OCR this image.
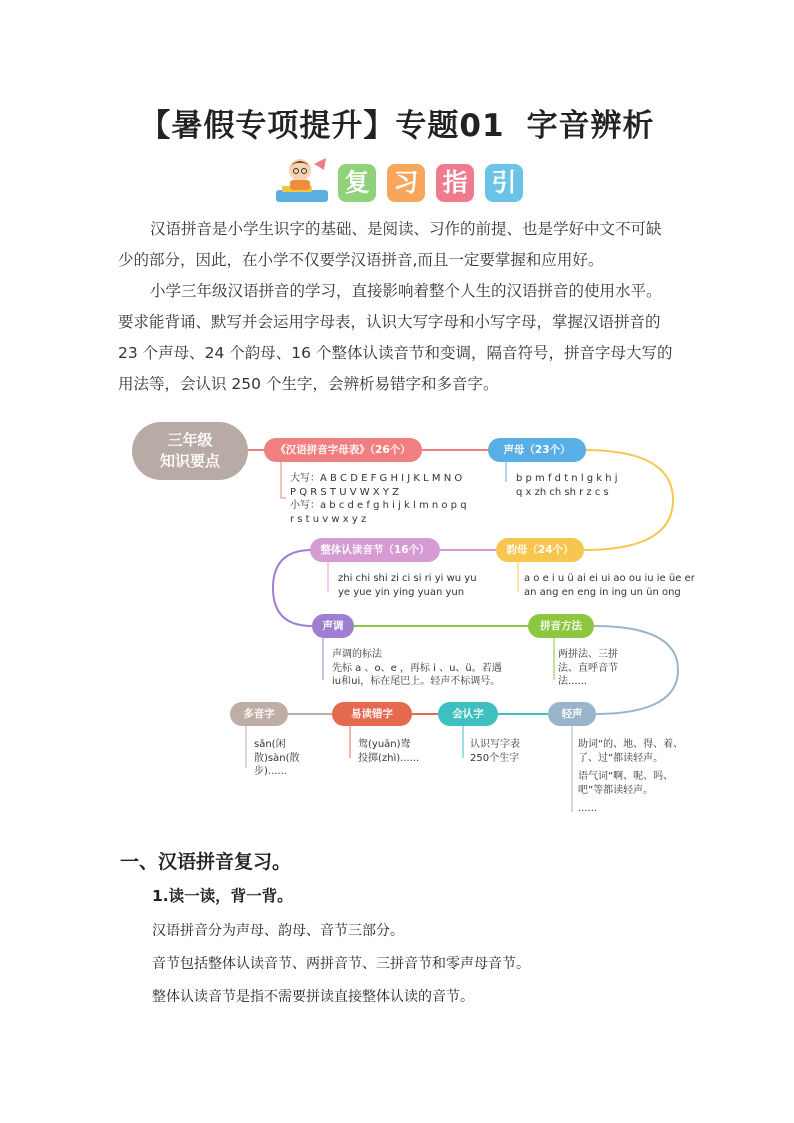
【暑假专项提升】专题01 字音辨析
复 习 指 引

汉语拼音是小学生识字的基础、是阅读、习作的前提、也是学好中文不可缺

少的部分，因此，在小学不仅要学汉语拼音,而且一定要掌握和应用好。

小学三年级汉语拼音的学习，直接影响着整个人生的汉语拼音的使用水平。

要求能背诵、默写并会运用字母表，认识大写字母和小写字母，掌握汉语拼音的

23 个声母、24 个韵母、16 个整体认读音节和变调，隔音符号，拼音字母大写的

用法等，会认识 250 个生字，会辨析易错字和多音字。

三年级
知识要点
《汉语拼音字母表》（26个）
大写：A B C D E F G H I J K L M N O
P Q R S T U V W X Y Z
小写：a b c d e f g h i j k l m n o p q
r s t u v w x y z
声母（23个）
b p m f d t n l g k h j
q x zh ch sh r z c s
整体认读音节（16个）
zhi chi shi zi ci si ri yi wu yu
ye yue yin ying yuan yun
韵母（24个）
a o e i u ü ai ei ui ao ou iu ie üe er
an ang en eng in ing un ün ong
声调
声调的标法
先标 a 、o、e ，再标 i 、u、ü。若遇
iu和ui，标在尾巴上。轻声不标调号。
拼音方法
两拼法、三拼
法、直呼音节
法......
多音字
sǎn(闲
散)sàn(散
步)......
易读错字
鸳(yuān)鸯
投掷(zhì)......
会认字
认识写字表
250个生字
轻声
助词“的、地、得、着、
了、过”都读轻声。
语气词“啊、呢、吗、
吧”等都读轻声。
......
一、汉语拼音复习。
1.读一读，背一背。
汉语拼音分为声母、韵母、音节三部分。
音节包括整体认读音节、两拼音节、三拼音节和零声母音节。
整体认读音节是指不需要拼读直接整体认读的音节。
